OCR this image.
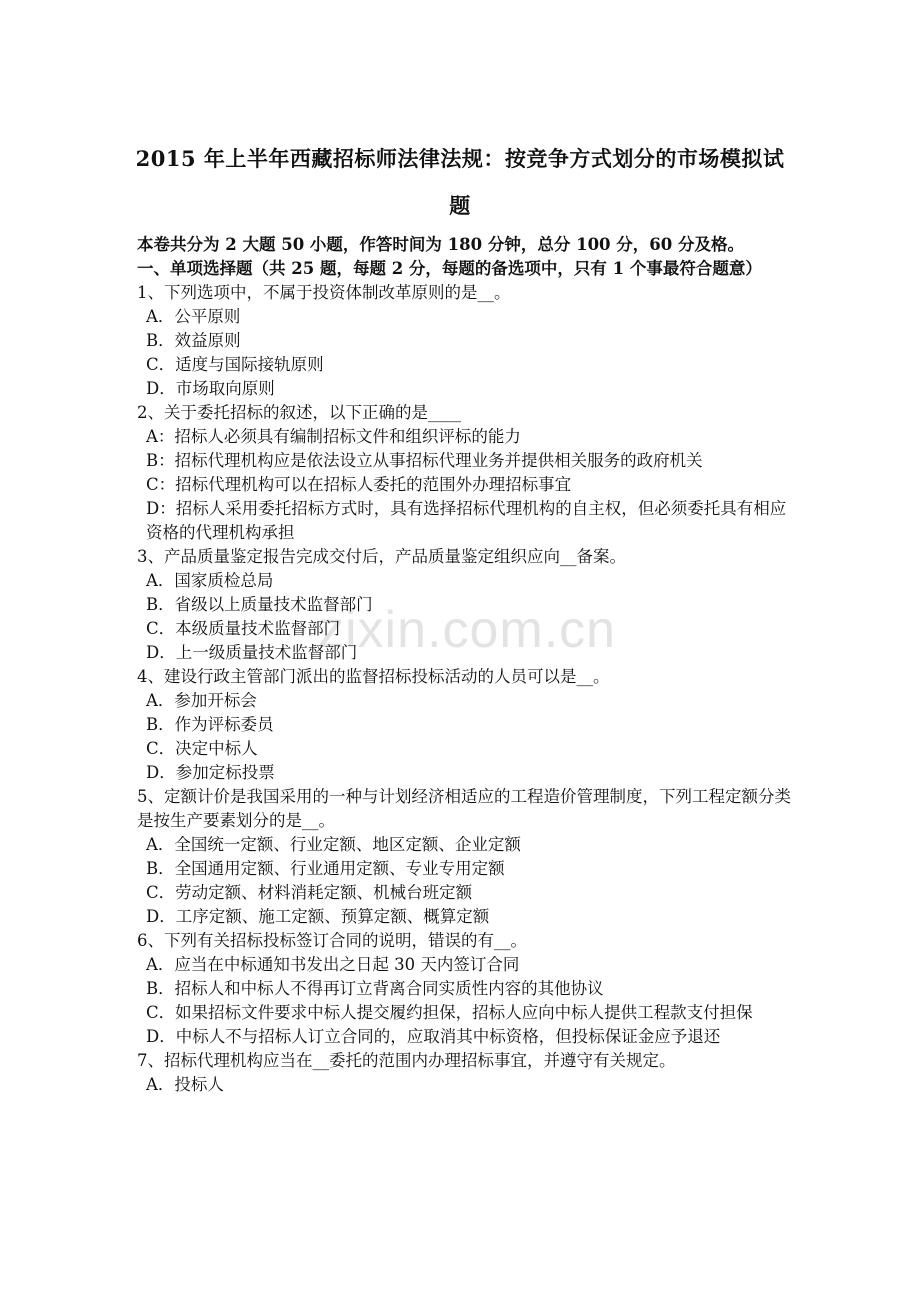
zixin.com.cn
2015 年上半年西藏招标师法律法规：按竞争方式划分的市场模拟试
题
本卷共分为 2 大题 50 小题，作答时间为 180 分钟，总分 100 分，60 分及格。
一、单项选择题（共 25 题，每题 2 分，每题的备选项中，只有 1 个事最符合题意）
1、下列选项中，不属于投资体制改革原则的是__。
A．公平原则
B．效益原则
C．适度与国际接轨原则
D．市场取向原则
2、关于委托招标的叙述，以下正确的是____
A：招标人必须具有编制招标文件和组织评标的能力
B：招标代理机构应是依法设立从事招标代理业务并提供相关服务的政府机关
C：招标代理机构可以在招标人委托的范围外办理招标事宜
D：招标人采用委托招标方式时，具有选择招标代理机构的自主权，但必须委托具有相应资格的代理机构承担
3、产品质量鉴定报告完成交付后，产品质量鉴定组织应向__备案。
A．国家质检总局
B．省级以上质量技术监督部门
C．本级质量技术监督部门
D．上一级质量技术监督部门
4、建设行政主管部门派出的监督招标投标活动的人员可以是__。
A．参加开标会
B．作为评标委员
C．决定中标人
D．参加定标投票
5、定额计价是我国采用的一种与计划经济相适应的工程造价管理制度，下列工程定额分类是按生产要素划分的是__。
A．全国统一定额、行业定额、地区定额、企业定额
B．全国通用定额、行业通用定额、专业专用定额
C．劳动定额、材料消耗定额、机械台班定额
D．工序定额、施工定额、预算定额、概算定额
6、下列有关招标投标签订合同的说明，错误的有__。
A．应当在中标通知书发出之日起 30 天内签订合同
B．招标人和中标人不得再订立背离合同实质性内容的其他协议
C．如果招标文件要求中标人提交履约担保，招标人应向中标人提供工程款支付担保
D．中标人不与招标人订立合同的，应取消其中标资格，但投标保证金应予退还
7、招标代理机构应当在__委托的范围内办理招标事宜，并遵守有关规定。
A．投标人
